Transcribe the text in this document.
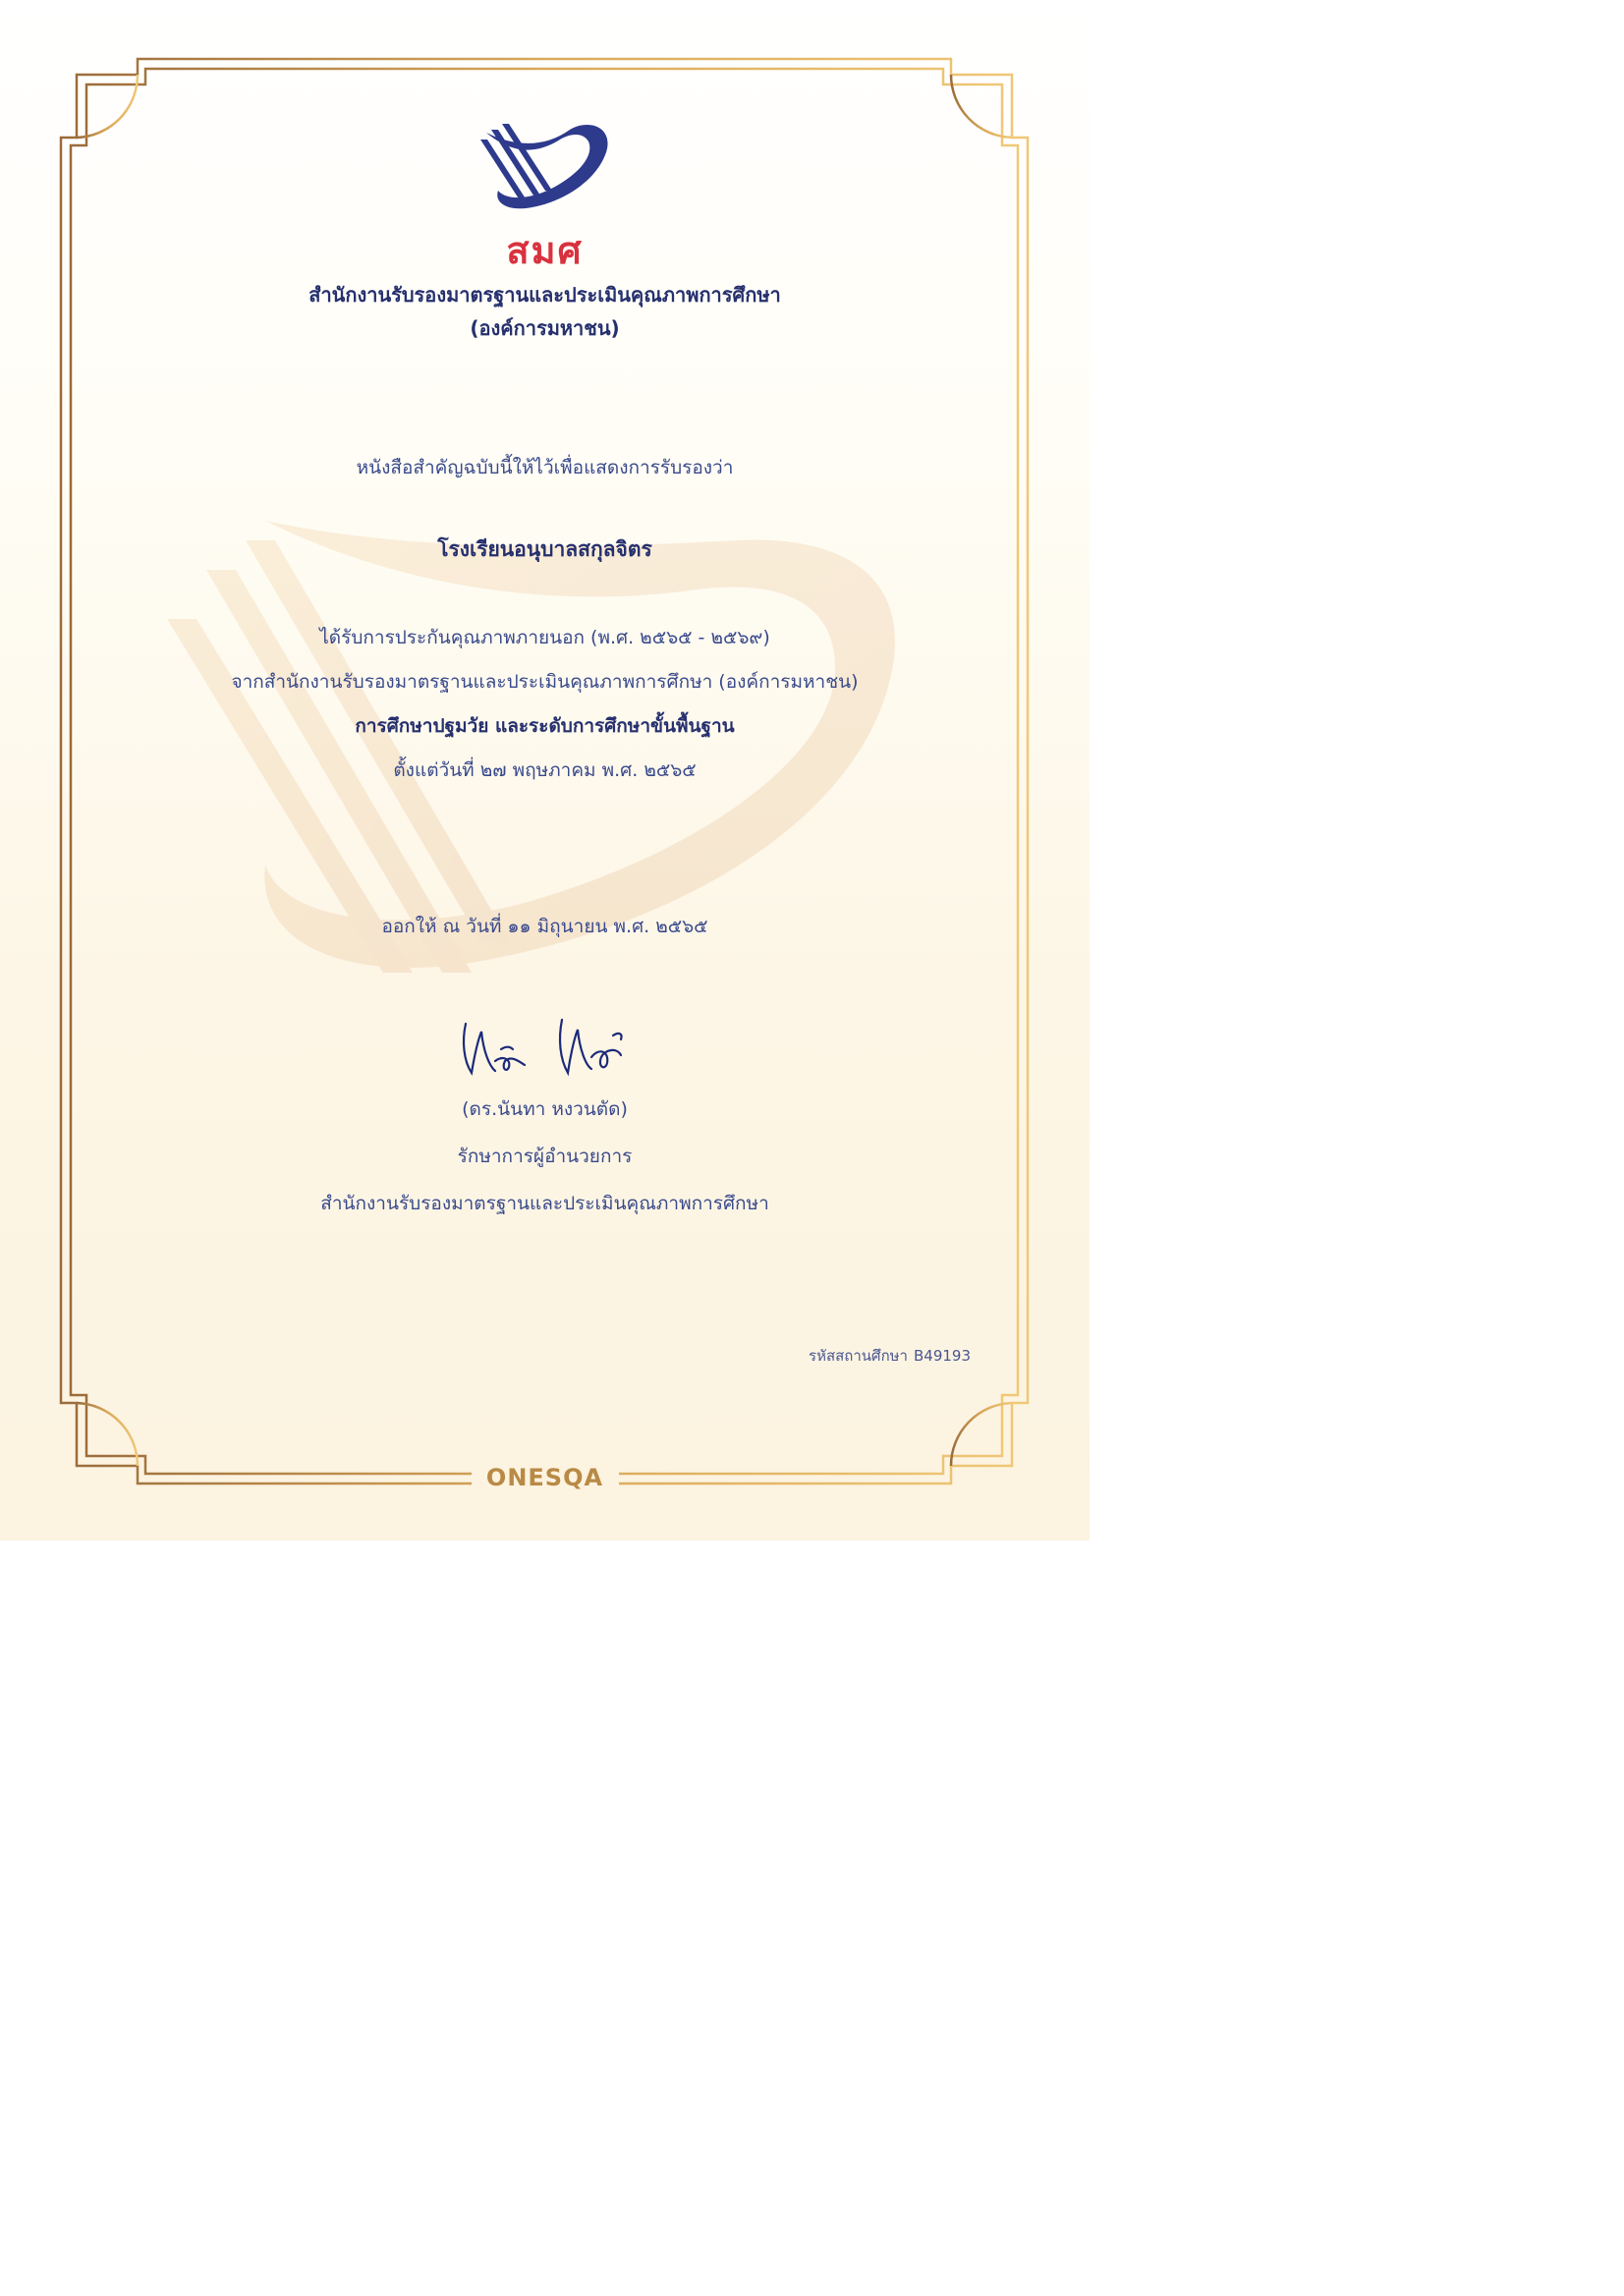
สมศ
สำนักงานรับรองมาตรฐานและประเมินคุณภาพการศึกษา
(องค์การมหาชน)
หนังสือสำคัญฉบับนี้ให้ไว้เพื่อแสดงการรับรองว่า
โรงเรียนอนุบาลสกุลจิตร
ได้รับการประกันคุณภาพภายนอก (พ.ศ. ๒๕๖๕ - ๒๕๖๙)
จากสำนักงานรับรองมาตรฐานและประเมินคุณภาพการศึกษา (องค์การมหาชน)
การศึกษาปฐมวัย และระดับการศึกษาขั้นพื้นฐาน
ตั้งแต่วันที่ ๒๗ พฤษภาคม พ.ศ. ๒๕๖๕
ออกให้ ณ วันที่ ๑๑ มิถุนายน พ.ศ. ๒๕๖๕
(ดร.นันทา หงวนตัด)
รักษาการผู้อำนวยการ
สำนักงานรับรองมาตรฐานและประเมินคุณภาพการศึกษา
รหัสสถานศึกษา B49193
ONESQA
